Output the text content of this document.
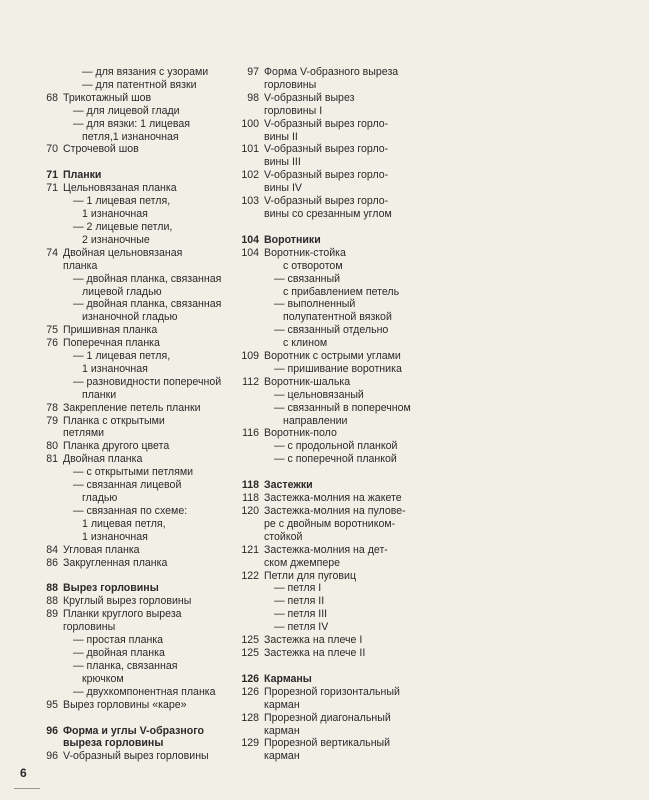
— для вязания с узорами
— для патентной вязки
68 Трикотажный шов
— для лицевой глади
— для вязки: 1 лицевая
петля,1 изнаночная
70 Строчевой шов
71 Планки
71 Цельновязаная планка
— 1 лицевая петля,
1 изнаночная
— 2 лицевые петли,
2 изнаночные
74 Двойная цельновязаная
планка
— двойная планка, связанная
лицевой гладью
— двойная планка, связанная
изнаночной гладью
75 Пришивная планка
76 Поперечная планка
— 1 лицевая петля,
1 изнаночная
— разновидности поперечной
планки
78 Закрепление петель планки
79 Планка с открытыми
петлями
80 Планка другого цвета
81 Двойная планка
— с открытыми петлями
— связанная лицевой
гладью
— связанная по схеме:
1 лицевая петля,
1 изнаночная
84 Угловая планка
86 Закругленная планка
88 Вырез горловины
88 Круглый вырез горловины
89 Планки круглого выреза
горловины
— простая планка
— двойная планка
— планка, связанная
крючком
— двухкомпонентная планка
95 Вырез горловины «каре»
96 Форма и углы V-образного
выреза горловины
96 V-образный вырез горловины
97 Форма V-образного выреза
горловины
98 V-образный вырез
горловины I
100 V-образный вырез горло-
вины II
101 V-образный вырез горло-
вины III
102 V-образный вырез горло-
вины IV
103 V-образный вырез горло-
вины со срезанным углом
104 Воротники
104 Воротник-стойка
с отворотом
— связанный
с прибавлением петель
— выполненный
полупатентной вязкой
— связанный отдельно
с клином
109 Воротник с острыми углами
— пришивание воротника
112 Воротник-шалька
— цельновязаный
— связанный в поперечном
направлении
116 Воротник-поло
— с продольной планкой
— с поперечной планкой
118 Застежки
118 Застежка-молния на жакете
120 Застежка-молния на пулове-
ре с двойным воротником-
стойкой
121 Застежка-молния на дет-
ском джемпере
122 Петли для пуговиц
— петля I
— петля II
— петля III
— петля IV
125 Застежка на плече I
125 Застежка на плече II
126 Карманы
126 Прорезной горизонтальный
карман
128 Прорезной диагональный
карман
129 Прорезной вертикальный
карман
6
